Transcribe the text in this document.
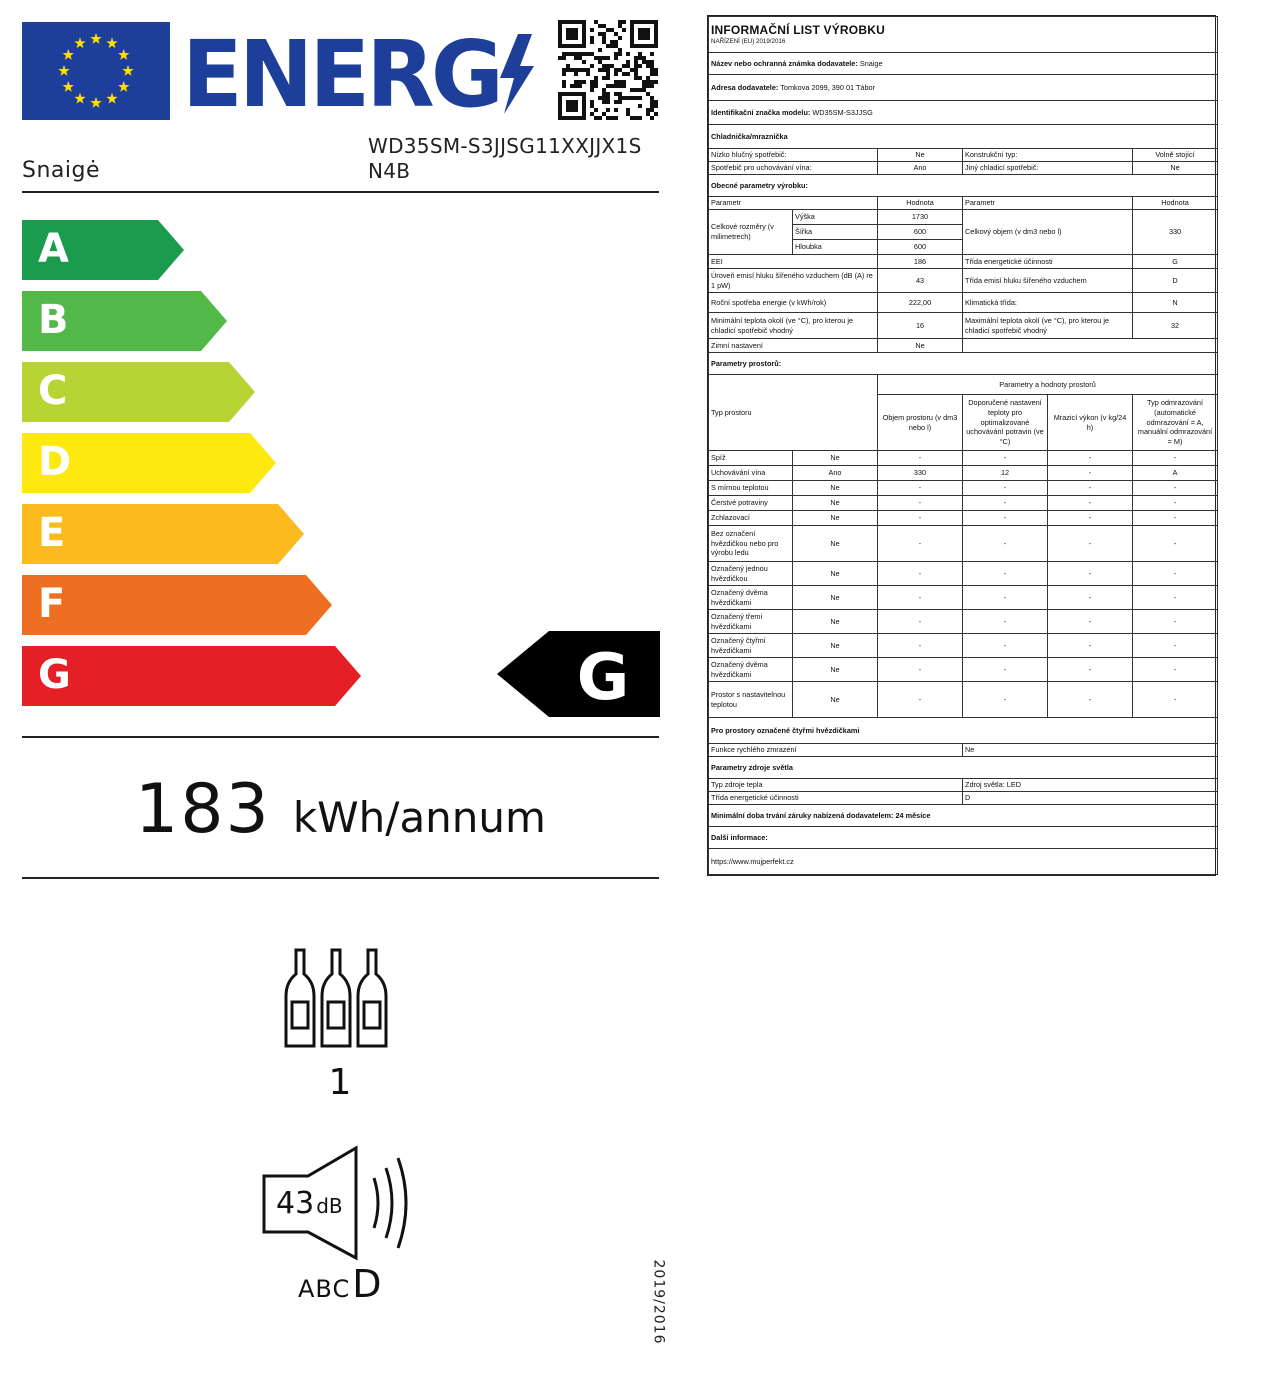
ENERG
Snaigė
WD35SM-S3JJSG11XXJJX1S
N4B
A
B
C
D
E
F
G	G
183 kWh/annum
1
43 dB
ABCD	2019/2016
INFORMAČNÍ LIST VÝROBKU
NAŘÍZENÍ (EU) 2019/2016					

Název nebo ochranná známka dodavatele: Snaige					
Adresa dodavatele: Tomkova 2099, 390 01 Tábor					
Identifikační značka modelu: WD35SM-S3JJSG					
Chladnička/mraznička					
Nízko hlučný spotřebič:		Ne	Konstrukční typ:		Volně stojící
Spotřebič pro uchovávání vína:		Ano	Jiný chladicí spotřebič:		Ne
Obecné parametry výrobku:					
Parametr		Hodnota	Parametr		Hodnota
Celkové rozměry (v milimetrech)	Výška	1730	Celkový objem (v dm3 nebo l)		330
	Šířka	600			
	Hloubka	600			
EEI		186	Třída energetické účinnosti		G
Úroveň emisí hluku šířeného vzduchem (dB (A) re 1 pW)		43	Třída emisí hluku šířeného vzduchem		D
Roční spotřeba energie (v kWh/rok)		222,00	Klimatická třída:		N
Minimální teplota okolí (ve °C), pro kterou je chladicí spotřebič vhodný		16	Maximální teplota okolí (ve °C), pro kterou je chladicí spotřebič vhodný		32
Zimní nastavení		Ne			
Parametry prostorů:					
Typ prostoru		Parametry a hodnoty prostorů			
		Objem prostoru (v dm3 nebo l)	Doporučené nastavení teploty pro optimalizované uchovávání potravin (ve °C)	Mrazicí výkon (v kg/24 h)	Typ odmrazování (automatické odmrazování = A, manuální odmrazování = M)
Spíž	Ne	-	-	-	-
Uchovávání vína	Ano	330	12	-	A
S mírnou teplotou	Ne	-	-	-	-
Čerstvé potraviny	Ne	-	-	-	-
Zchlazovací	Ne	-	-	-	-
Bez označení hvězdičkou nebo pro výrobu ledu	Ne	-	-	-	-
Označený jednou hvězdičkou	Ne	-	-	-	-
Označený dvěma hvězdičkami	Ne	-	-	-	-
Označený třemi hvězdičkami	Ne	-	-	-	-
Označený čtyřmi hvězdičkami	Ne	-	-	-	-
Označený dvěma hvězdičkami	Ne	-	-	-	-
Prostor s nastavitelnou teplotou	Ne	-	-	-	-
Pro prostory označené čtyřmi hvězdičkami					
Funkce rychlého zmrazení			Ne		
Parametry zdroje světla					
Typ zdroje tepla			Zdroj světla: LED		
Třída energetické účinnosti			D		
Minimální doba trvání záruky nabízená dodavatelem: 24 měsíce					
Další informace:					
https://www.mujperfekt.cz					
